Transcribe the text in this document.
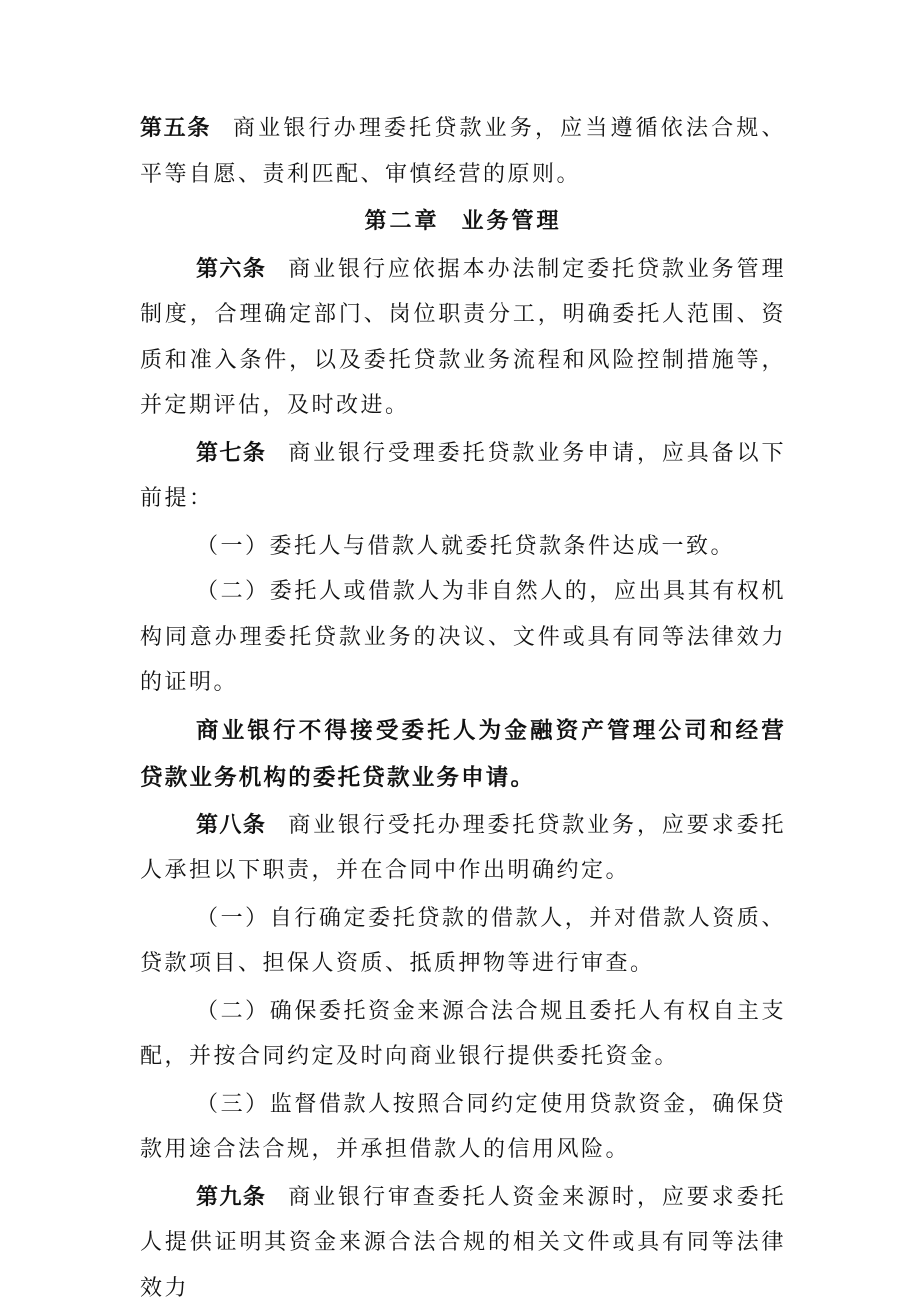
第五条 商业银行办理委托贷款业务，应当遵循依法合规、平等自愿、责利匹配、审慎经营的原则。

第二章 业务管理

第六条 商业银行应依据本办法制定委托贷款业务管理制度，合理确定部门、岗位职责分工，明确委托人范围、资质和准入条件，以及委托贷款业务流程和风险控制措施等，并定期评估，及时改进。

第七条 商业银行受理委托贷款业务申请，应具备以下前提：

（一）委托人与借款人就委托贷款条件达成一致。

（二）委托人或借款人为非自然人的，应出具其有权机构同意办理委托贷款业务的决议、文件或具有同等法律效力的证明。

商业银行不得接受委托人为金融资产管理公司和经营贷款业务机构的委托贷款业务申请。

第八条 商业银行受托办理委托贷款业务，应要求委托人承担以下职责，并在合同中作出明确约定。

（一）自行确定委托贷款的借款人，并对借款人资质、贷款项目、担保人资质、抵质押物等进行审查。

（二）确保委托资金来源合法合规且委托人有权自主支配，并按合同约定及时向商业银行提供委托资金。

（三）监督借款人按照合同约定使用贷款资金，确保贷款用途合法合规，并承担借款人的信用风险。

第九条 商业银行审查委托人资金来源时，应要求委托人提供证明其资金来源合法合规的相关文件或具有同等法律效力
